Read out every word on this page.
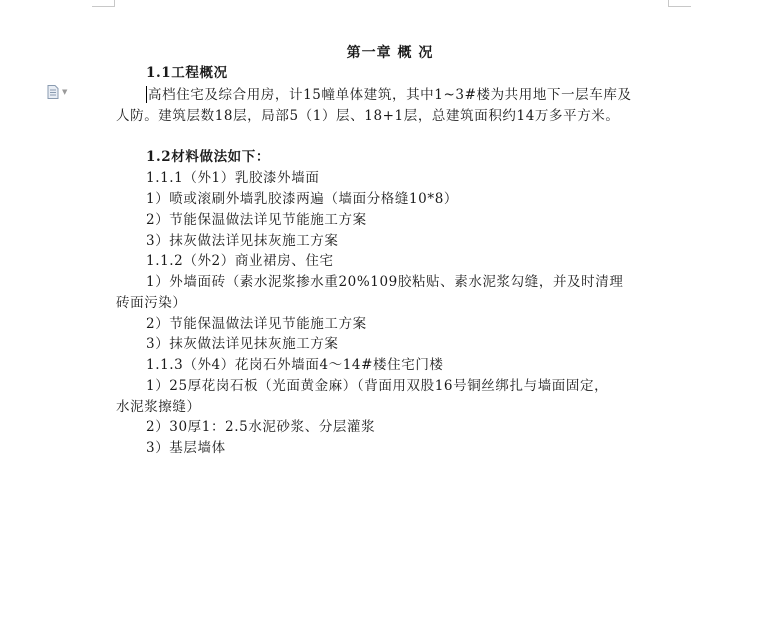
▼
第一章 概 况
1.1工程概况
高档住宅及综合用房，计15幢单体建筑，其中1~3#楼为共用地下一层车库及
人防。建筑层数18层，局部5（1）层、18+1层，总建筑面积约14万多平方米。
1.2材料做法如下：
1.1.1（外1）乳胶漆外墙面
1）喷或滚刷外墙乳胶漆两遍（墙面分格缝10*8）
2）节能保温做法详见节能施工方案
3）抹灰做法详见抹灰施工方案
1.1.2（外2）商业裙房、住宅
1）外墙面砖（素水泥浆掺水重20%109胶粘贴、素水泥浆勾缝，并及时清理
砖面污染）
2）节能保温做法详见节能施工方案
3）抹灰做法详见抹灰施工方案
1.1.3（外4）花岗石外墙面4～14#楼住宅门楼
1）25厚花岗石板（光面黄金麻）（背面用双股16号铜丝绑扎与墙面固定，
水泥浆擦缝）
2）30厚1：2.5水泥砂浆、分层灌浆
3）基层墙体
